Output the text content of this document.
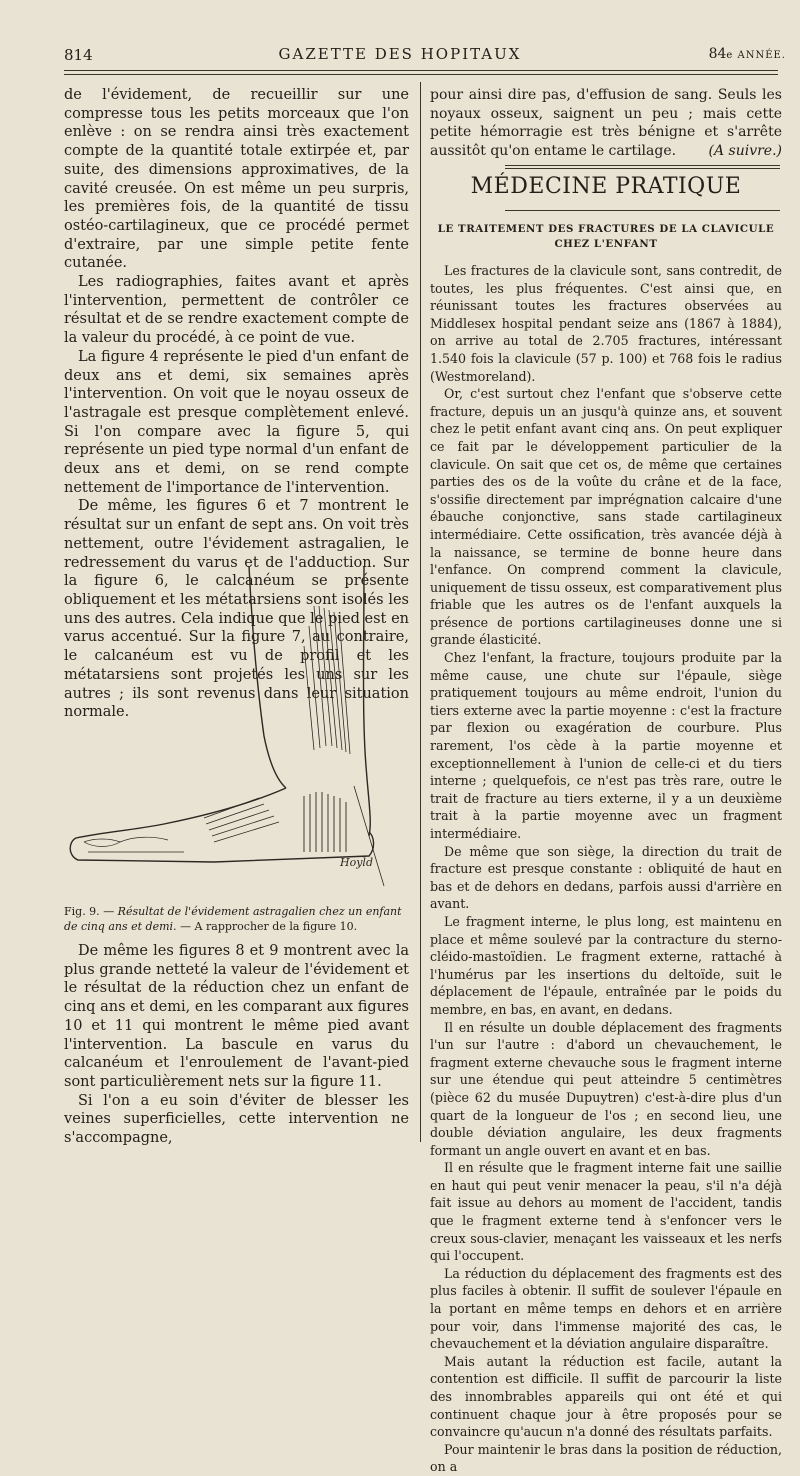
814	GAZETTE DES HOPITAUX	84e ANNÉE.

de l'évidement, de recueillir sur une compresse tous les petits morceaux que l'on enlève : on se rendra ainsi très exactement compte de la quantité totale extirpée et, par suite, des dimensions approximatives, de la cavité creusée. On est même un peu surpris, les premières fois, de la quantité de tissu ostéo-cartilagineux, que ce procédé permet d'extraire, par une simple petite fente cutanée.

Les radiographies, faites avant et après l'intervention, permettent de contrôler ce résultat et de se rendre exactement compte de la valeur du procédé, à ce point de vue.

La figure 4 représente le pied d'un enfant de deux ans et demi, six semaines après l'intervention. On voit que le noyau osseux de l'astragale est presque complètement enlevé. Si l'on compare avec la figure 5, qui représente un pied type normal d'un enfant de deux ans et demi, on se rend compte nettement de l'importance de l'intervention.

De même, les figures 6 et 7 montrent le résultat sur un enfant de sept ans. On voit très nettement, outre l'évidement astragalien, le redressement du varus et de l'adduction. Sur la figure 6, le calcanéum se présente obliquement et les métatarsiens sont isolés les uns des autres. Cela indique que le pied est en varus accentué. Sur la figure 7, au contraire, le calcanéum est vu de profil et les métatarsiens sont projetés les uns sur les autres ; ils sont revenus dans leur situation normale.

Hoyld
Fig. 9. — Résultat de l'évidement astragalien chez un enfant de cinq ans et demi. — A rapprocher de la figure 10.

De même les figures 8 et 9 montrent avec la plus grande netteté la valeur de l'évidement et le résultat de la réduction chez un enfant de cinq ans et demi, en les comparant aux figures 10 et 11 qui montrent le même pied avant l'intervention. La bascule en varus du calcanéum et l'enroulement de l'avant-pied sont particulièrement nets sur la figure 11.

Si l'on a eu soin d'éviter de blesser les veines superficielles, cette intervention ne s'accompagne,

pour ainsi dire pas, d'effusion de sang. Seuls les noyaux osseux, saignent un peu ; mais cette petite hémorragie est très bénigne et s'arrête aussitôt qu'on entame le cartilage. (A suivre.)

MÉDECINE PRATIQUE

LE TRAITEMENT DES FRACTURES DE LA CLAVICULE

CHEZ L'ENFANT

Les fractures de la clavicule sont, sans contredit, de toutes, les plus fréquentes. C'est ainsi que, en réunissant toutes les fractures observées au Middlesex hospital pendant seize ans (1867 à 1884), on arrive au total de 2.705 fractures, intéressant 1.540 fois la clavicule (57 p. 100) et 768 fois le radius (Westmoreland).

Or, c'est surtout chez l'enfant que s'observe cette fracture, depuis un an jusqu'à quinze ans, et souvent chez le petit enfant avant cinq ans. On peut expliquer ce fait par le développement particulier de la clavicule. On sait que cet os, de même que certaines parties des os de la voûte du crâne et de la face, s'ossifie directement par imprégnation calcaire d'une ébauche conjonctive, sans stade cartilagineux intermédiaire. Cette ossification, très avancée déjà à la naissance, se termine de bonne heure dans l'enfance. On comprend comment la clavicule, uniquement de tissu osseux, est comparativement plus friable que les autres os de l'enfant auxquels la présence de portions cartilagineuses donne une si grande élasticité.

Chez l'enfant, la fracture, toujours produite par la même cause, une chute sur l'épaule, siège pratiquement toujours au même endroit, l'union du tiers externe avec la partie moyenne : c'est la fracture par flexion ou exagération de courbure. Plus rarement, l'os cède à la partie moyenne et exceptionnellement à l'union de celle-ci et du tiers interne ; quelquefois, ce n'est pas très rare, outre le trait de fracture au tiers externe, il y a un deuxième trait à la partie moyenne avec un fragment intermédiaire.

De même que son siège, la direction du trait de fracture est presque constante : obliquité de haut en bas et de dehors en dedans, parfois aussi d'arrière en avant.

Le fragment interne, le plus long, est maintenu en place et même soulevé par la contracture du sterno-cléido-mastoïdien. Le fragment externe, rattaché à l'humérus par les insertions du deltoïde, suit le déplacement de l'épaule, entraînée par le poids du membre, en bas, en avant, en dedans.

Il en résulte un double déplacement des fragments l'un sur l'autre : d'abord un chevauchement, le fragment externe chevauche sous le fragment interne sur une étendue qui peut atteindre 5 centimètres (pièce 62 du musée Dupuytren) c'est-à-dire plus d'un quart de la longueur de l'os ; en second lieu, une double déviation angulaire, les deux fragments formant un angle ouvert en avant et en bas.

Il en résulte que le fragment interne fait une saillie en haut qui peut venir menacer la peau, s'il n'a déjà fait issue au dehors au moment de l'accident, tandis que le fragment externe tend à s'enfoncer vers le creux sous-clavier, menaçant les vaisseaux et les nerfs qui l'occupent.

La réduction du déplacement des fragments est des plus faciles à obtenir. Il suffit de soulever l'épaule en la portant en même temps en dehors et en arrière pour voir, dans l'immense majorité des cas, le chevauchement et la déviation angulaire disparaître.

Mais autant la réduction est facile, autant la contention est difficile. Il suffit de parcourir la liste des innombrables appareils qui ont été et qui continuent chaque jour à être proposés pour se convaincre qu'aucun n'a donné des résultats parfaits.

Pour maintenir le bras dans la position de réduction, on a
